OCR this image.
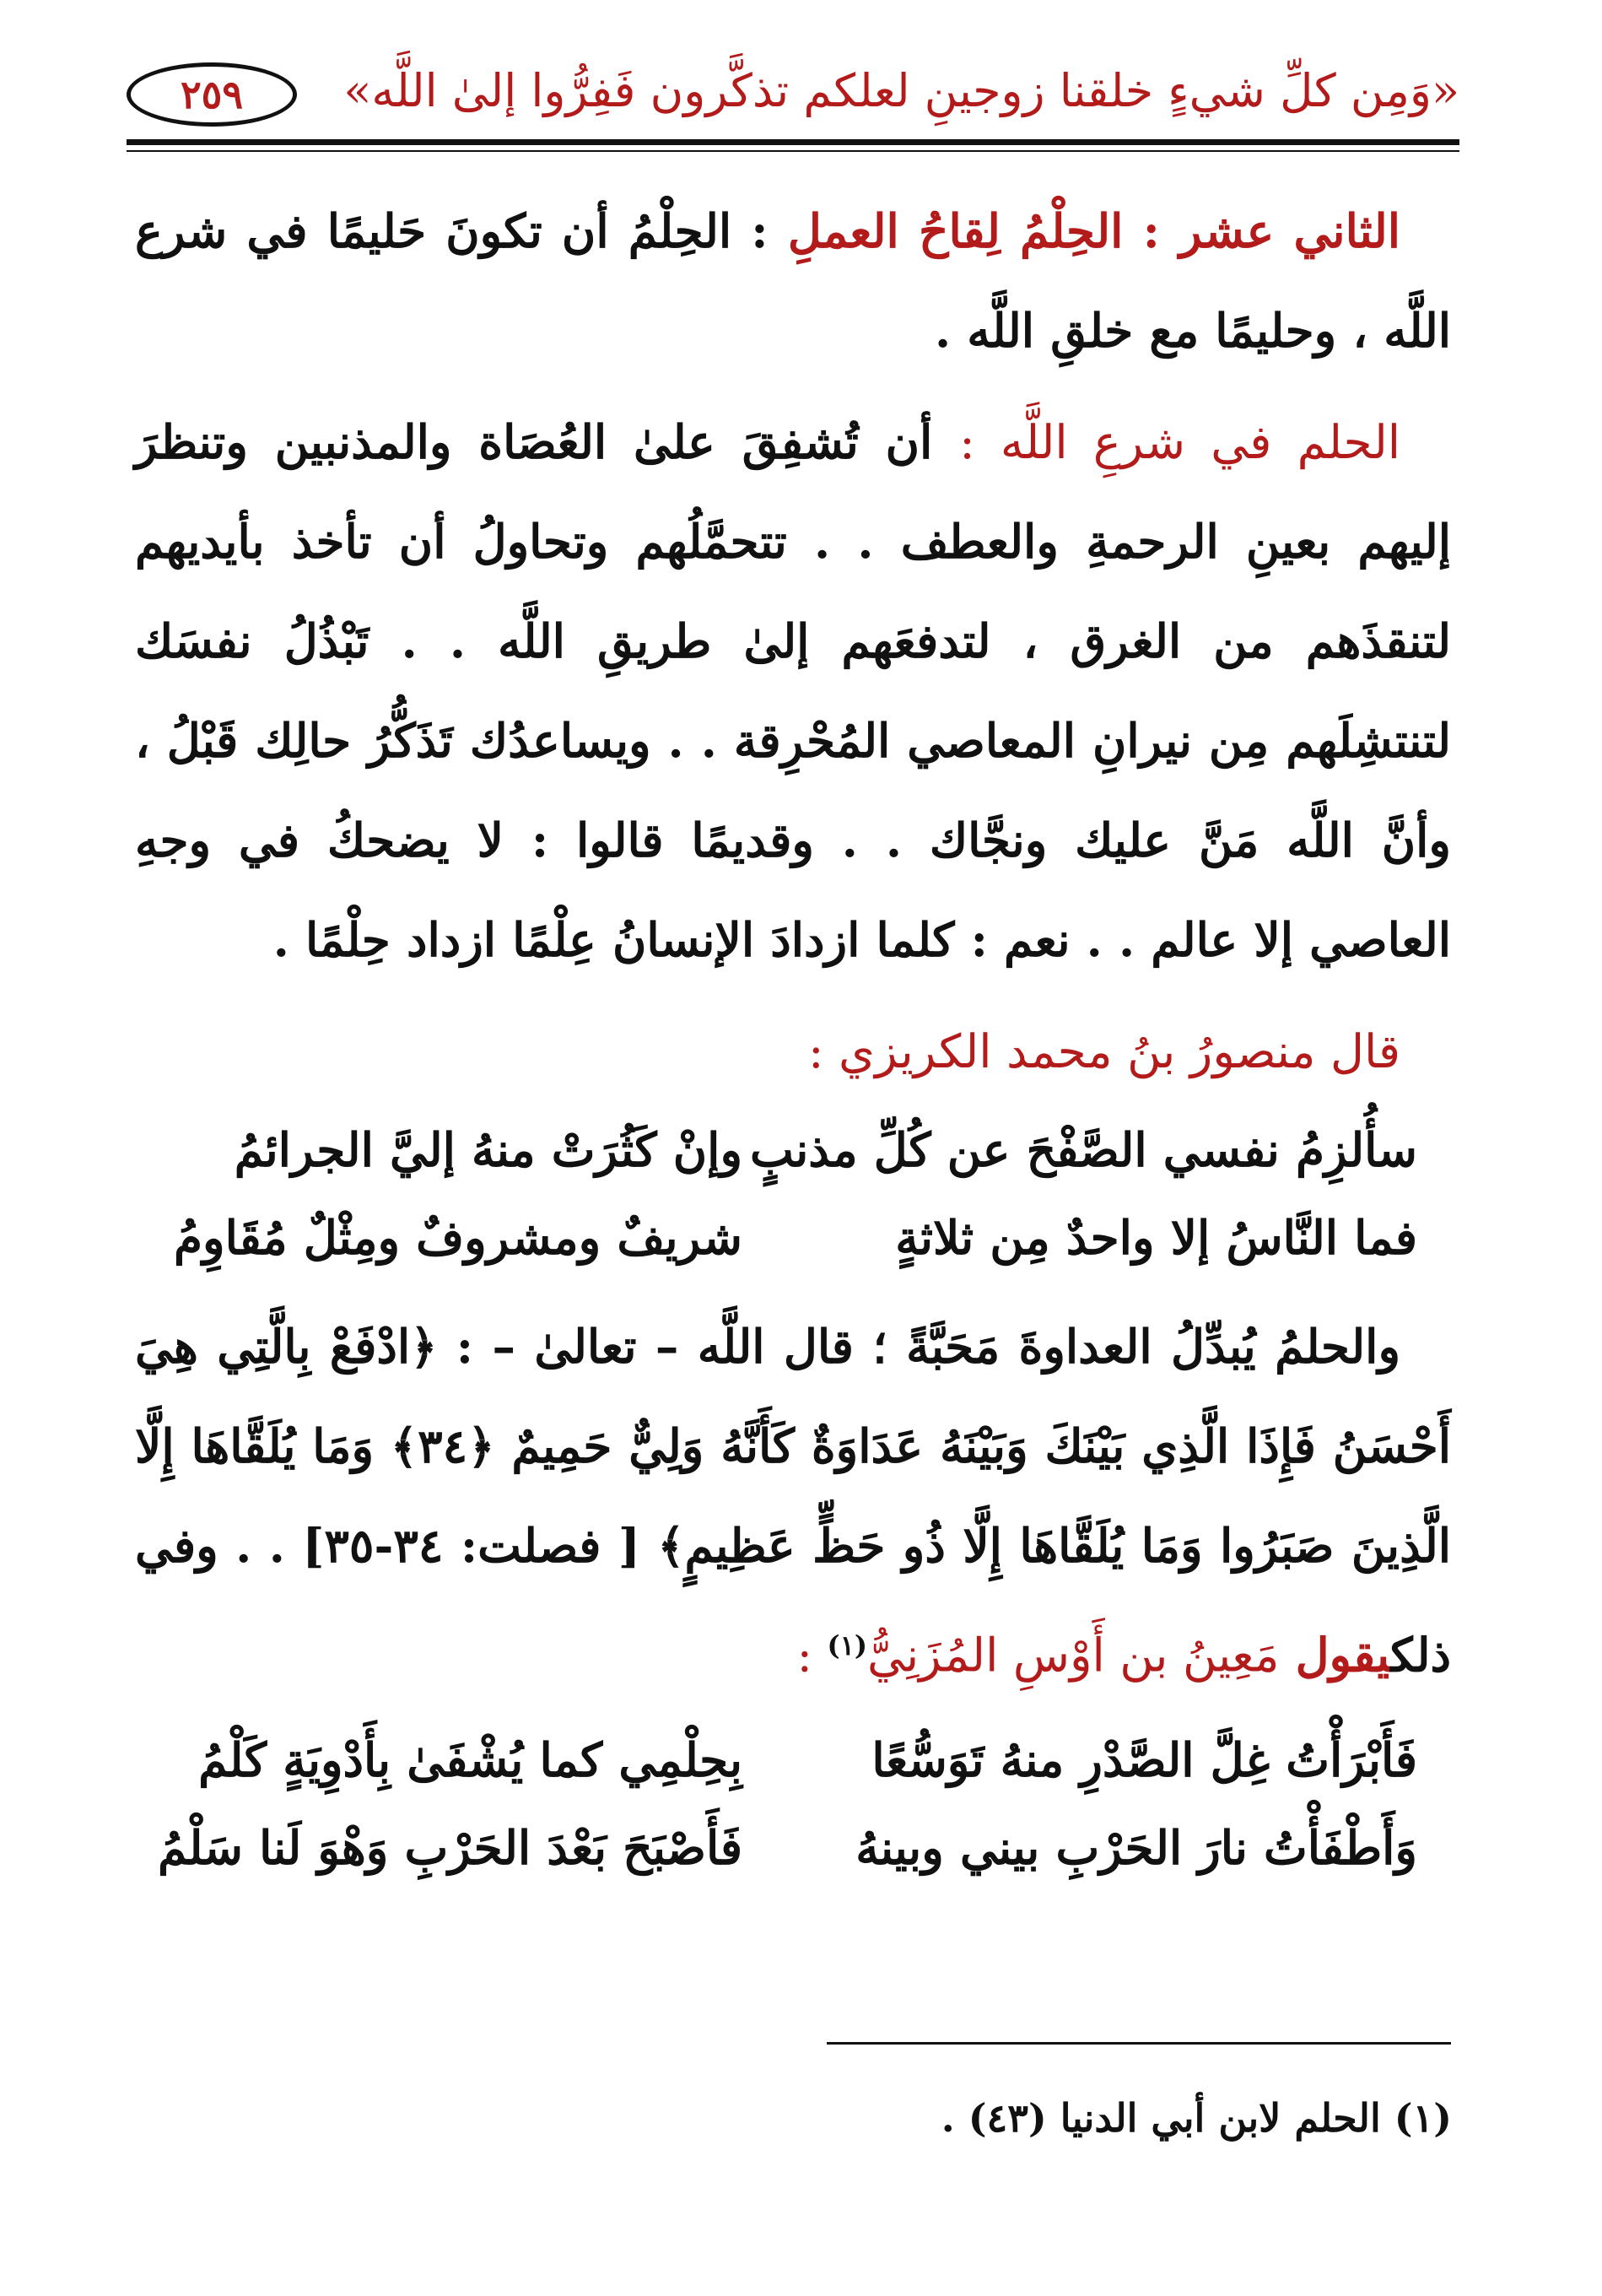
«وَمِن كلِّ شيءٍ خلقنا زوجينِ لعلكم تذكَّرون فَفِرُّوا إلىٰ اللَّه»
٢٥٩

الثاني عشر : الحِلْمُ لِقاحُ العملِ : الحِلْمُ أن تكونَ حَليمًا في شرع اللَّه ، وحليمًا مع خلقِ اللَّه .

الحلم في شرعِ اللَّه : أن تُشفِقَ علىٰ العُصَاة والمذنبين وتنظرَ إليهم بعينِ الرحمةِ والعطف . . تتحمَّلُهم وتحاولُ أن تأخذ بأيديهم لتنقذَهم من الغرق ، لتدفعَهم إلىٰ طريقِ اللَّه . . تَبْذُلُ نفسَك لتنتشِلَهم مِن نيرانِ المعاصي المُحْرِقة . . ويساعدُك تَذَكُّرُ حالِك قَبْلُ ، وأنَّ اللَّه مَنَّ عليك ونجَّاك . . وقديمًا قالوا : لا يضحكُ في وجهِ العاصي إلا عالم . . نعم : كلما ازدادَ الإنسانُ عِلْمًا ازداد حِلْمًا .

قال منصورُ بنُ محمد الكريزي :

سأُلزِمُ نفسي الصَّفْحَ عن كُلِّ مذنبٍ
وإنْ كَثُرَتْ منهُ إليَّ الجرائمُ
فما النَّاسُ إلا واحدٌ مِن ثلاثةٍ
شريفٌ ومشروفٌ ومِثْلٌ مُقَاوِمُ

والحلمُ يُبدِّلُ العداوةَ مَحَبَّةً ؛ قال اللَّه – تعالىٰ – : ﴿ادْفَعْ بِالَّتِي هِيَ أَحْسَنُ فَإِذَا الَّذِي بَيْنَكَ وَبَيْنَهُ عَدَاوَةٌ كَأَنَّهُ وَلِيٌّ حَمِيمٌ ﴿٣٤﴾ وَمَا يُلَقَّاهَا إِلَّا الَّذِينَ صَبَرُوا وَمَا يُلَقَّاهَا إِلَّا ذُو حَظٍّ عَظِيمٍ﴾ [ فصلت: ٣٤-٣٥] . . وفي ذلكيقول مَعِينُ بن أَوْسِ المُزَنِيُّ$^{(١)}$ :

فَأَبْرَأْتُ غِلَّ الصَّدْرِ منهُ تَوَسُّعًا
بِحِلْمِي كما يُشْفَىٰ بِأَدْوِيَةٍ كَلْمُ
وَأَطْفَأْتُ نارَ الحَرْبِ بيني وبينهُ
فَأَصْبَحَ بَعْدَ الحَرْبِ وَهْوَ لَنا سَلْمُ
(١) الحلم لابن أبي الدنيا (٤٣) .
